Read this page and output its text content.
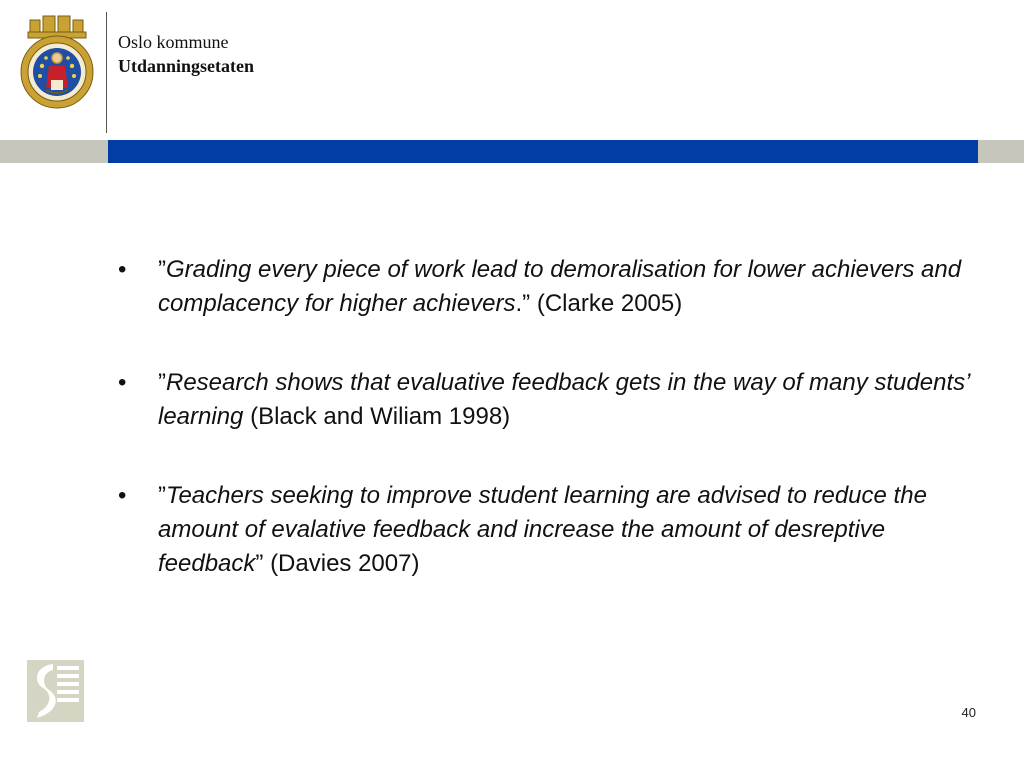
Oslo kommune
Utdanningsetaten
•	”Grading every piece of work lead to demoralisation for lower achievers and complacency for higher achievers.” (Clarke 2005)
•	”Research shows that evaluative feedback gets in the way of many students’ learning (Black and Wiliam 1998)
•	”Teachers seeking to improve student learning are advised to reduce the amount of evalative feedback and increase the amount of desreptive feedback” (Davies 2007)
40
